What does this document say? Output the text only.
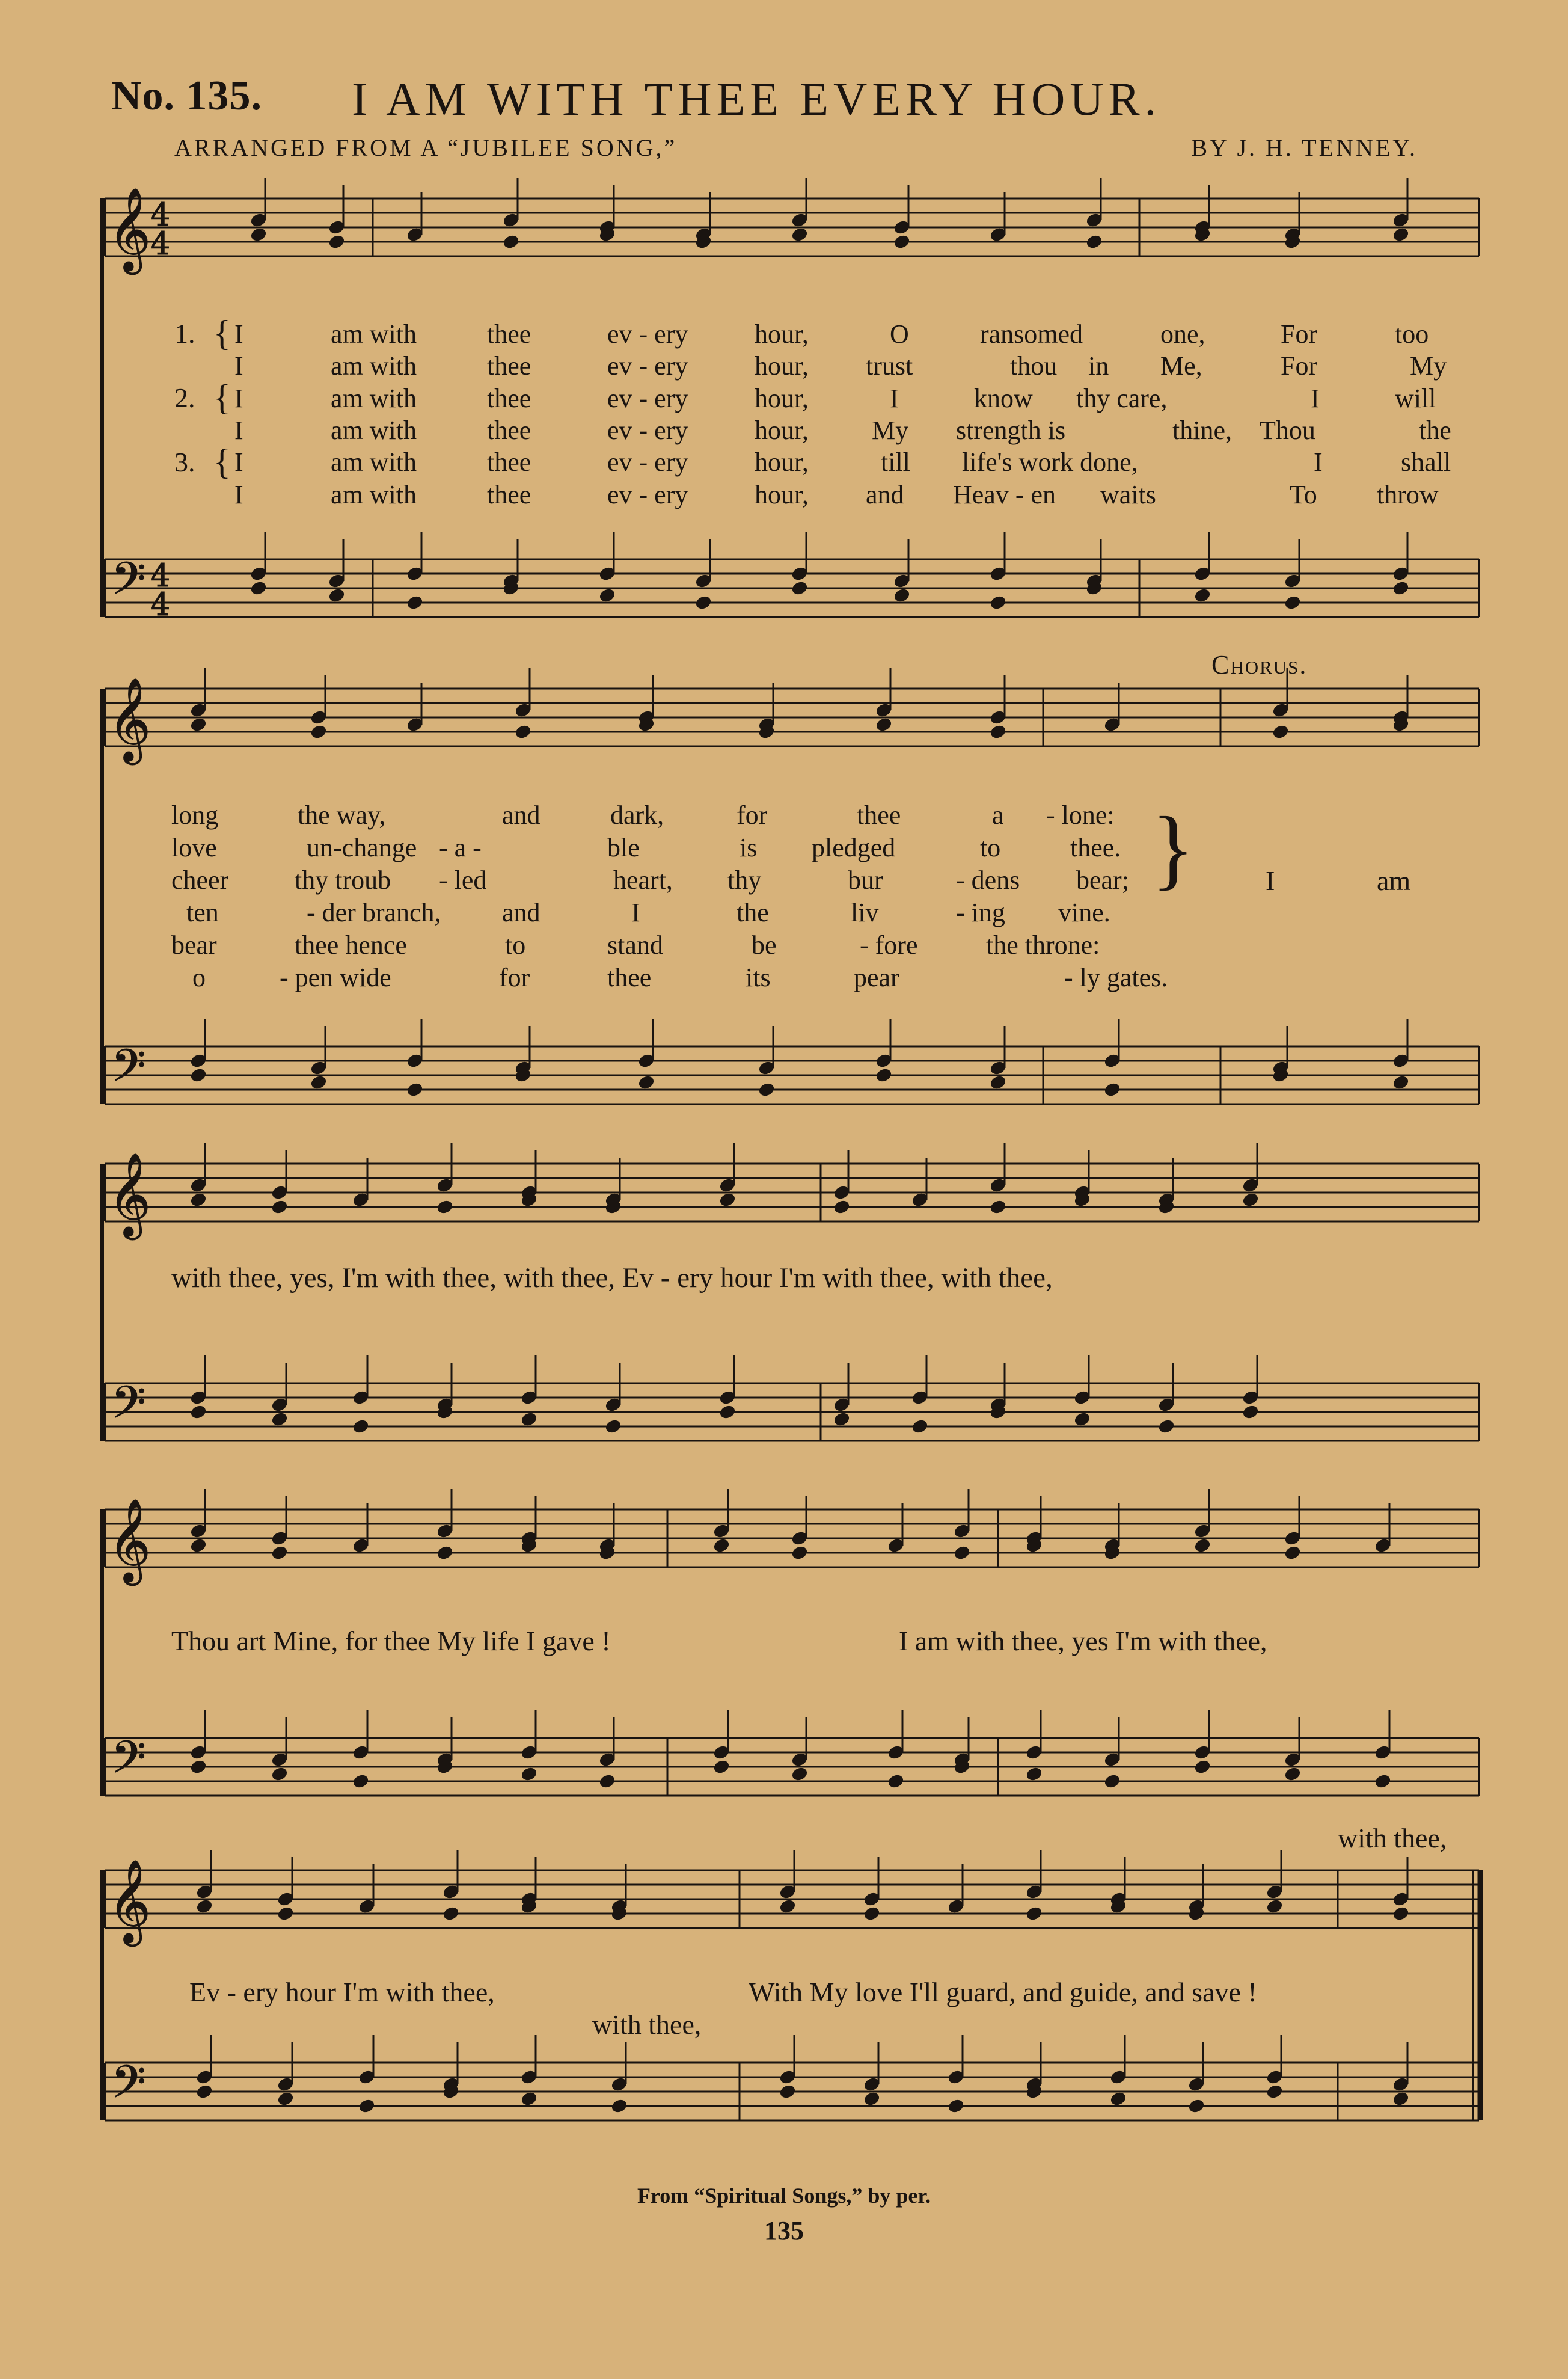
No. 135. I AM WITH THEE EVERY HOUR.
ARRANGED FROM A “JUBILEE SONG,”	BY J. H. TENNEY.
𝄞
𝄢
𝄞
𝄢
𝄞
𝄢
𝄞
𝄢
𝄞
𝄢
4
4
4
4
1.
2.
3.
{
{
{
I	am with	thee	ev - ery	hour,	O	ransomed	one,	For	too
I	am with	thee	ev - ery	hour, trust	thou in Me,	For	My
I	am with	thee	ev - ery	hour,	I	know thy care,	I	will
I	am with	thee	ev - ery	hour, My strength is	thine, Thou	the
I	am with	thee	ev - ery	hour,	till life's work done,	I	shall
I	am with	thee	ev - ery	hour, and Heav - en waits	To throw
long	the way,	and	dark,	for	thee	a - lone:
love	un-change - a -	ble	is pledged	to	thee.
cheer thy troub - led	heart, thy	bur	- dens bear;
ten	- der branch, and	I	the	liv	- ing vine.
bear	thee hence	to	stand	be	- fore	the throne:
o	- pen wide	for	thee	its	pear	- ly gates.
Chorus.
I	am
}
with thee, yes, I'm with thee, with thee, Ev - ery hour I'm with thee, with thee,
Thou art Mine, for thee My life I gave !	I am with thee, yes I'm with thee,
with thee,
Ev - ery hour I'm with thee,	With My love I'll guard, and guide, and save !
with thee,
From “Spiritual Songs,” by per.
135
